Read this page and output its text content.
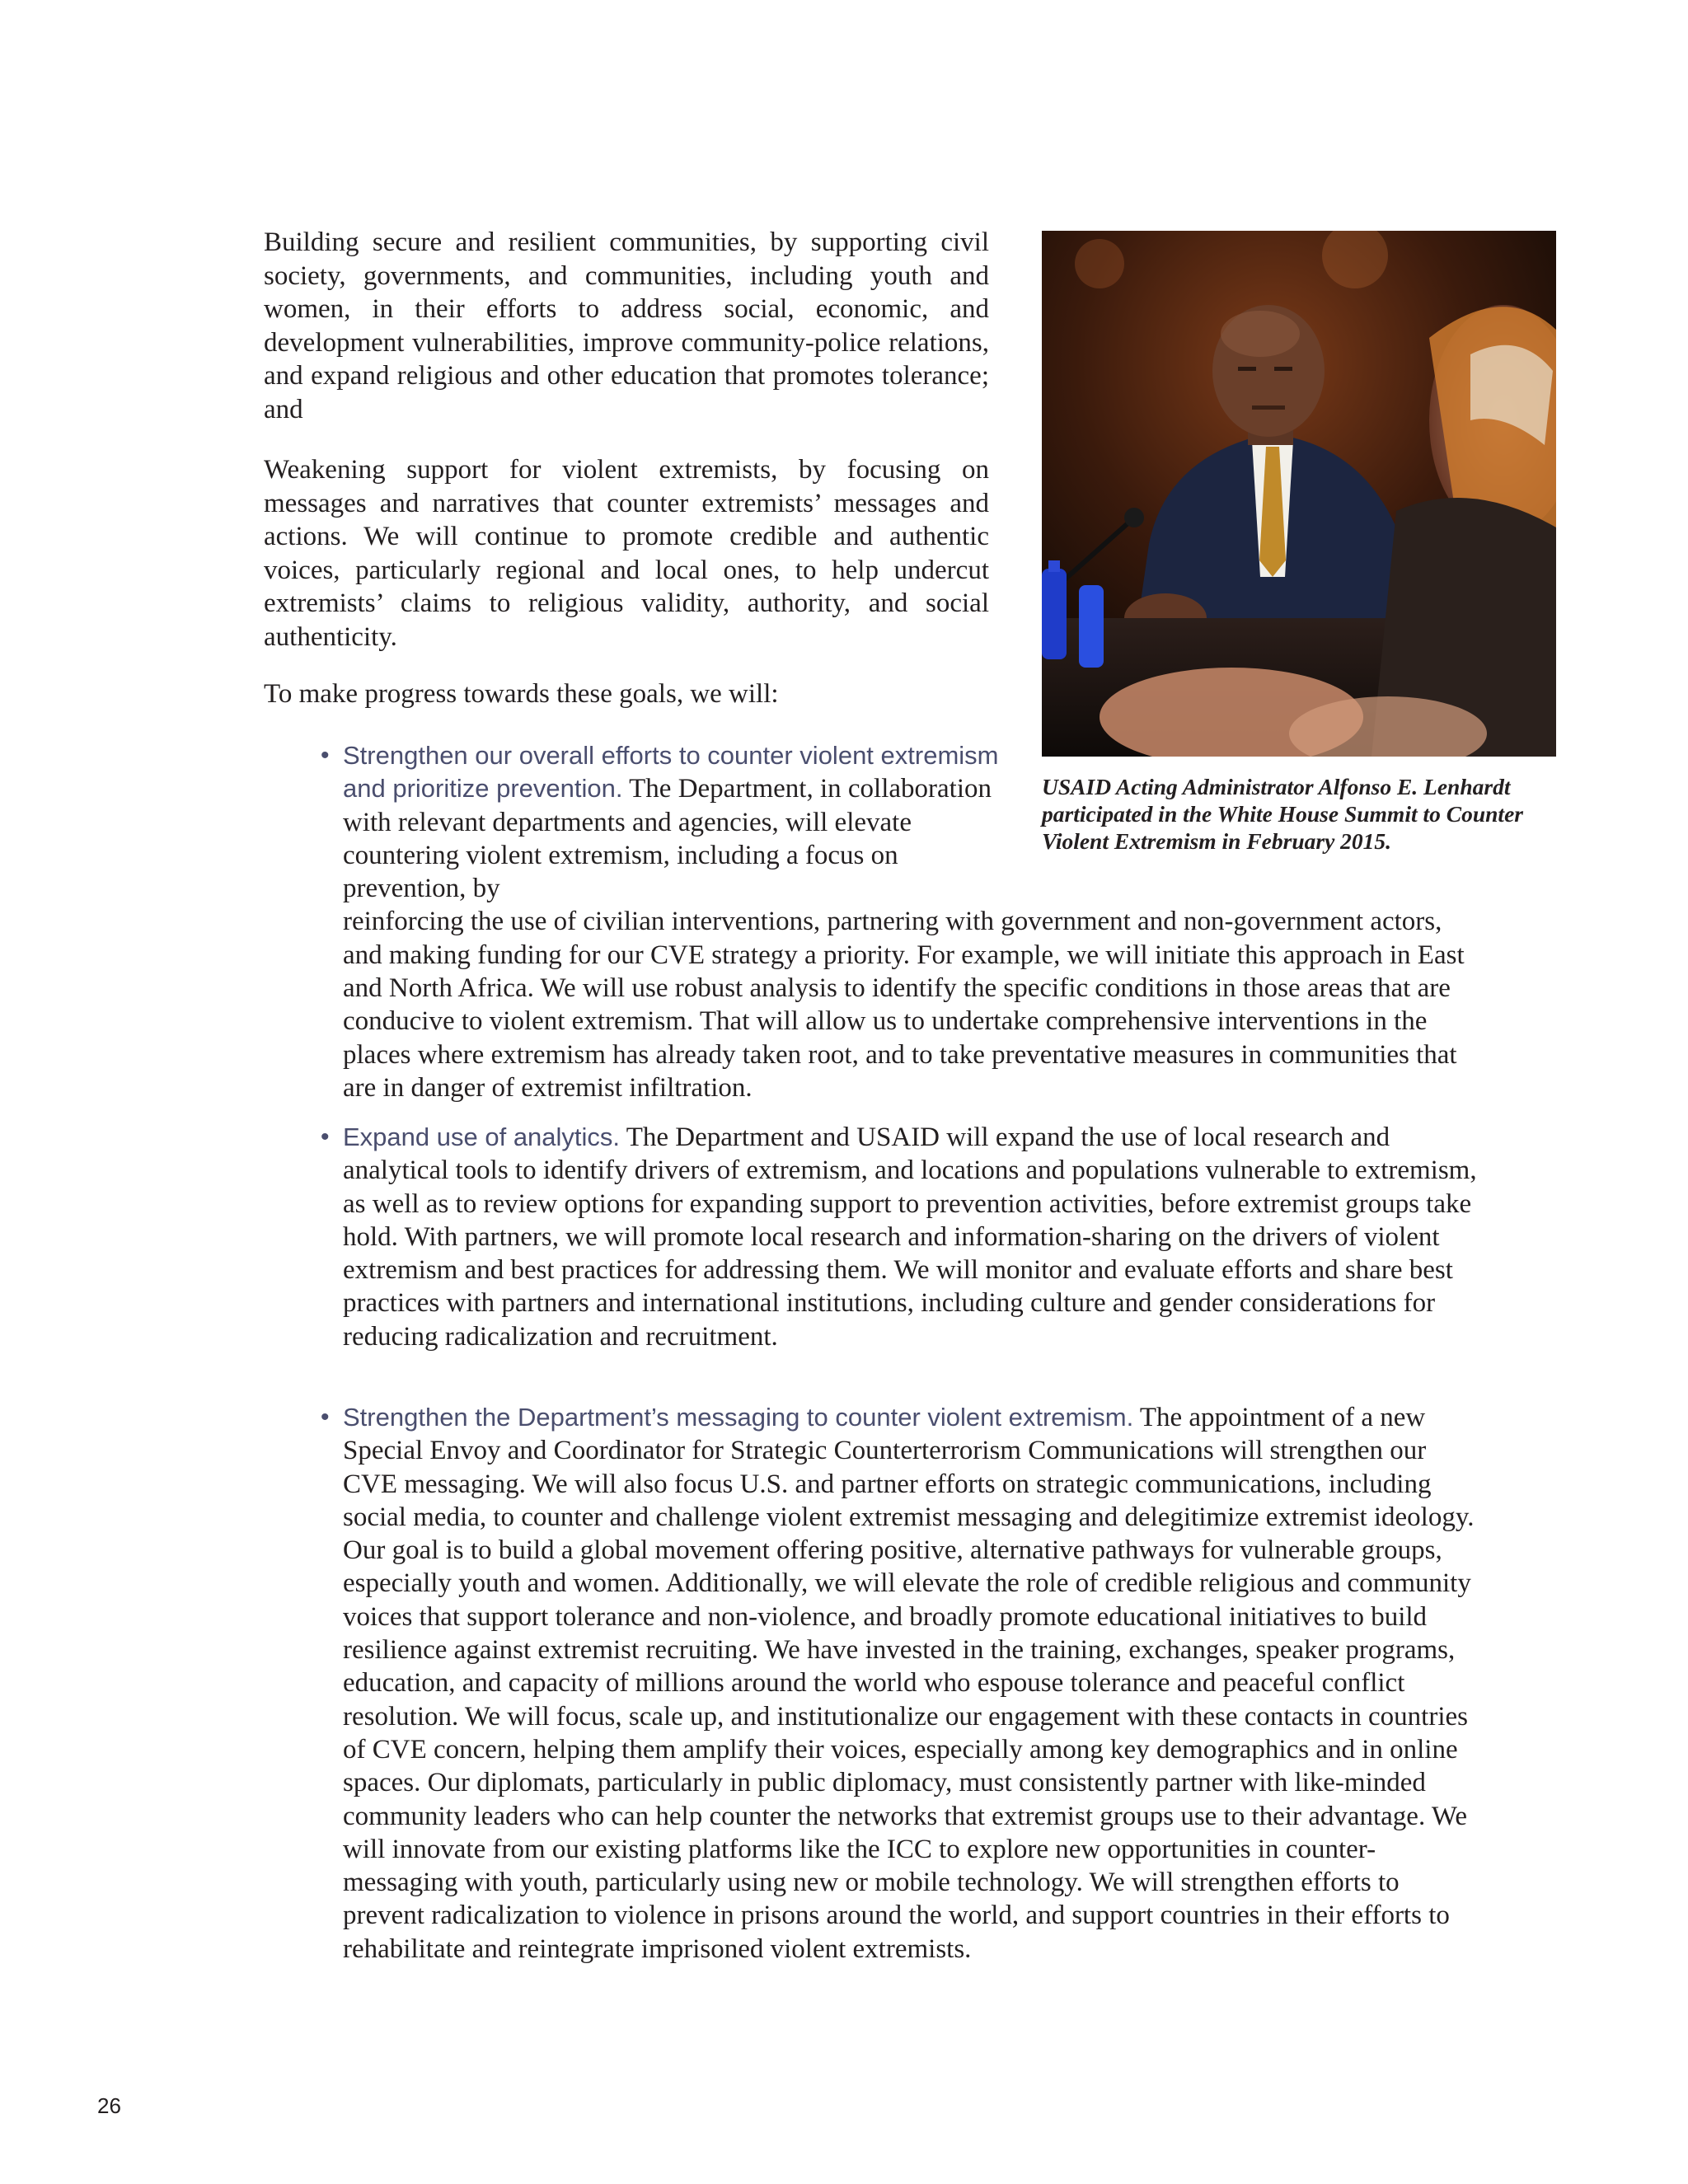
Building secure and resilient communities, by supporting civil society, governments, and communities, including youth and women, in their efforts to address social, economic, and development vulnerabilities, improve community-police relations, and expand religious and other education that promotes tolerance; and

Weakening support for violent extremists, by focusing on messages and narratives that counter extremists’ messages and actions. We will continue to promote credible and authentic voices, particularly regional and local ones, to help undercut extremists’ claims to religious validity, authority, and social authenticity.

To make progress towards these goals, we will:

USAID Acting Administrator Alfonso E. Lenhardt participated in the White House Summit to Counter Violent Extremism in February 2015.

• Strengthen our overall efforts to counter violent extremism and prioritize prevention. The Department, in collaboration with relevant departments and agencies, will elevate countering violent extremism, including a focus on prevention, by
reinforcing the use of civilian interventions, partnering with government and non-government actors, and making funding for our CVE strategy a priority. For example, we will initiate this approach in East and North Africa. We will use robust analysis to identify the specific conditions in those areas that are conducive to violent extremism. That will allow us to undertake comprehensive interventions in the places where extremism has already taken root, and to take preventative measures in communities that are in danger of extremist infiltration.

• Expand use of analytics. The Department and USAID will expand the use of local research and analytical tools to identify drivers of extremism, and locations and populations vulnerable to extremism, as well as to review options for expanding support to prevention activities, before extremist groups take hold. With partners, we will promote local research and information-sharing on the drivers of violent extremism and best practices for addressing them. We will monitor and evaluate efforts and share best practices with partners and international institutions, including culture and gender considerations for reducing radicalization and recruitment.

• Strengthen the Department’s messaging to counter violent extremism. The appointment of a new Special Envoy and Coordinator for Strategic Counterterrorism Communications will strengthen our CVE messaging. We will also focus U.S. and partner efforts on strategic communications, including social media, to counter and challenge violent extremist messaging and delegitimize extremist ideology. Our goal is to build a global movement offering positive, alternative pathways for vulnerable groups, especially youth and women. Additionally, we will elevate the role of credible religious and community voices that support tolerance and non-violence, and broadly promote educational initiatives to build resilience against extremist recruiting. We have invested in the training, exchanges, speaker programs, education, and capacity of millions around the world who espouse tolerance and peaceful conflict resolution. We will focus, scale up, and institutionalize our engagement with these contacts in countries of CVE concern, helping them amplify their voices, especially among key demographics and in online spaces. Our diplomats, particularly in public diplomacy, must consistently partner with like-minded community leaders who can help counter the networks that extremist groups use to their advantage. We will innovate from our existing platforms like the ICC to explore new opportunities in counter-messaging with youth, particularly using new or mobile technology. We will strengthen efforts to prevent radicalization to violence in prisons around the world, and support countries in their efforts to rehabilitate and reintegrate imprisoned violent extremists.

26
